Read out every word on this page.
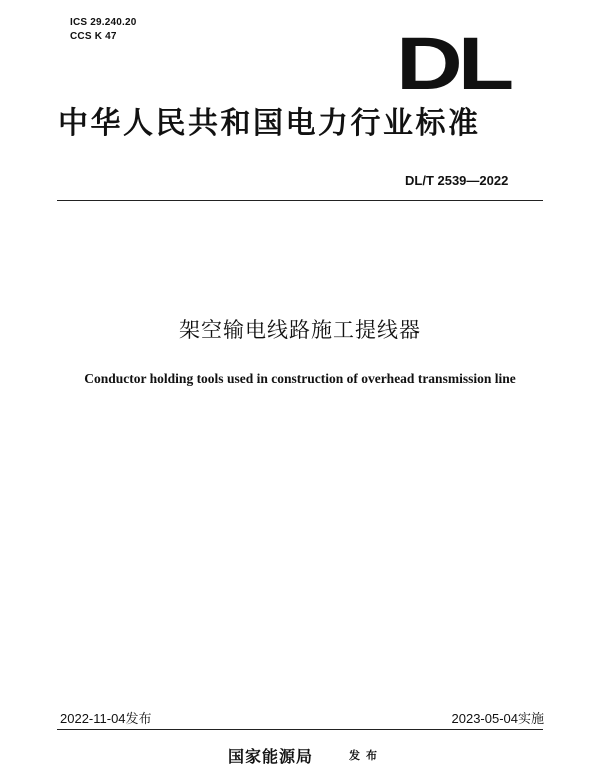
ICS 29.240.20
CCS K 47	DL
中华人民共和国电力行业标准
DL/T 2539—2022
架空输电线路施工提线器
Conductor holding tools used in construction of overhead transmission line
2022-11-04发布	2023-05-04实施
国家能源局	发布
